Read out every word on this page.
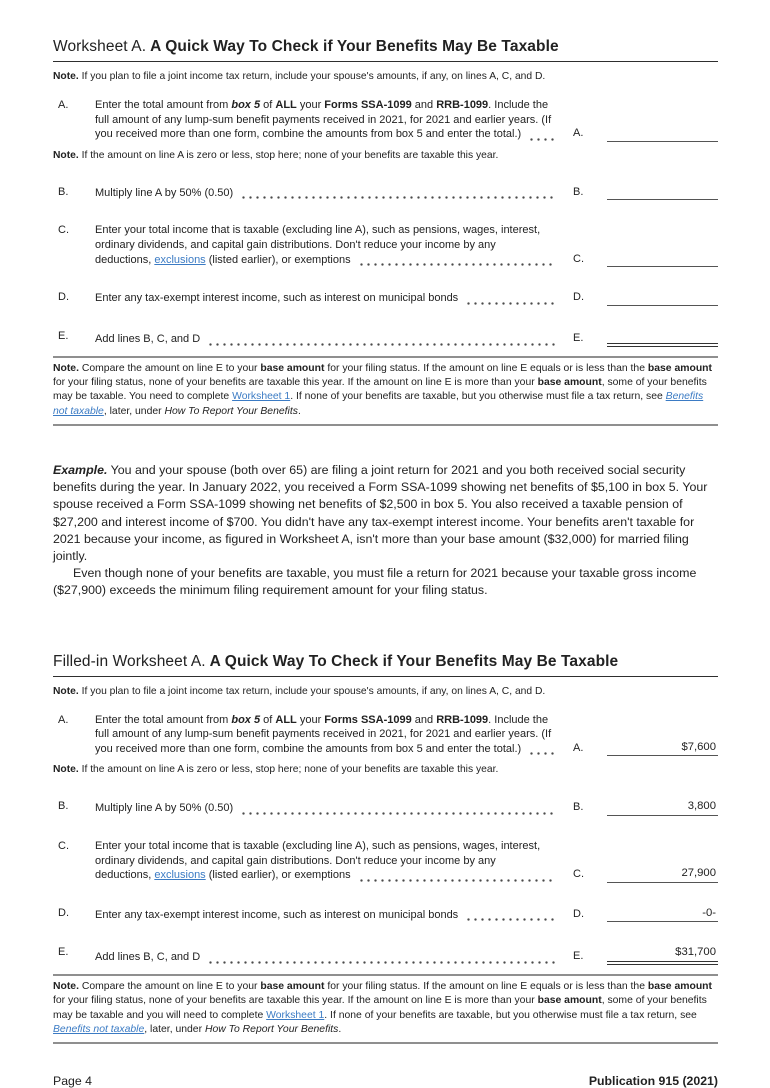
Worksheet A. A Quick Way To Check if Your Benefits May Be Taxable
Note. If you plan to file a joint income tax return, include your spouse's amounts, if any, on lines A, C, and D.
A.	Enter the total amount from box 5 of ALL your Forms SSA-1099 and RRB-1099. Include the
full amount of any lump-sum benefit payments received in 2021, for 2021 and earlier years. (If
you received more than one form, combine the amounts from box 5 and enter the total.)	A.
Note. If the amount on line A is zero or less, stop here; none of your benefits are taxable this year.
B.	Multiply line A by 50% (0.50)	B.
C.	Enter your total income that is taxable (excluding line A), such as pensions, wages, interest,
ordinary dividends, and capital gain distributions. Don't reduce your income by any
deductions, exclusions (listed earlier), or exemptions	C.
D.	Enter any tax-exempt interest income, such as interest on municipal bonds	D.
E.	Add lines B, C, and D	E.
Note. Compare the amount on line E to your base amount for your filing status. If the amount on line E equals or is less than the base amount for your filing status, none of your benefits are taxable this year. If the amount on line E is more than your base amount, some of your benefits may be taxable. You need to complete Worksheet 1. If none of your benefits are taxable, but you otherwise must file a tax return, see Benefits not taxable, later, under How To Report Your Benefits.

Example. You and your spouse (both over 65) are filing a joint return for 2021 and you both received social security benefits during the year. In January 2022, you received a Form SSA-1099 showing net benefits of $5,100 in box 5. Your spouse received a Form SSA-1099 showing net benefits of $2,500 in box 5. You also received a taxable pension of $27,200 and interest income of $700. You didn't have any tax-exempt interest income. Your benefits aren't taxable for 2021 because your income, as figured in Worksheet A, isn't more than your base amount ($32,000) for married filing jointly.

Even though none of your benefits are taxable, you must file a return for 2021 because your taxable gross income ($27,900) exceeds the minimum filing requirement amount for your filing status.

Filled-in Worksheet A. A Quick Way To Check if Your Benefits May Be Taxable
Note. If you plan to file a joint income tax return, include your spouse's amounts, if any, on lines A, C, and D.
A.	Enter the total amount from box 5 of ALL your Forms SSA-1099 and RRB-1099. Include the
full amount of any lump-sum benefit payments received in 2021, for 2021 and earlier years. (If
you received more than one form, combine the amounts from box 5 and enter the total.)	A.	$7,600
Note. If the amount on line A is zero or less, stop here; none of your benefits are taxable this year.
B.	Multiply line A by 50% (0.50)	B.	3,800
C.	Enter your total income that is taxable (excluding line A), such as pensions, wages, interest,
ordinary dividends, and capital gain distributions. Don't reduce your income by any
deductions, exclusions (listed earlier), or exemptions	C.	27,900
D.	Enter any tax-exempt interest income, such as interest on municipal bonds	D.	-0-
E.	Add lines B, C, and D	E.	$31,700
Note. Compare the amount on line E to your base amount for your filing status. If the amount on line E equals or is less than the base amount for your filing status, none of your benefits are taxable this year. If the amount on line E is more than your base amount, some of your benefits may be taxable and you will need to complete Worksheet 1. If none of your benefits are taxable, but you otherwise must file a tax return, see Benefits not taxable, later, under How To Report Your Benefits.
Page 4	Publication 915 (2021)
